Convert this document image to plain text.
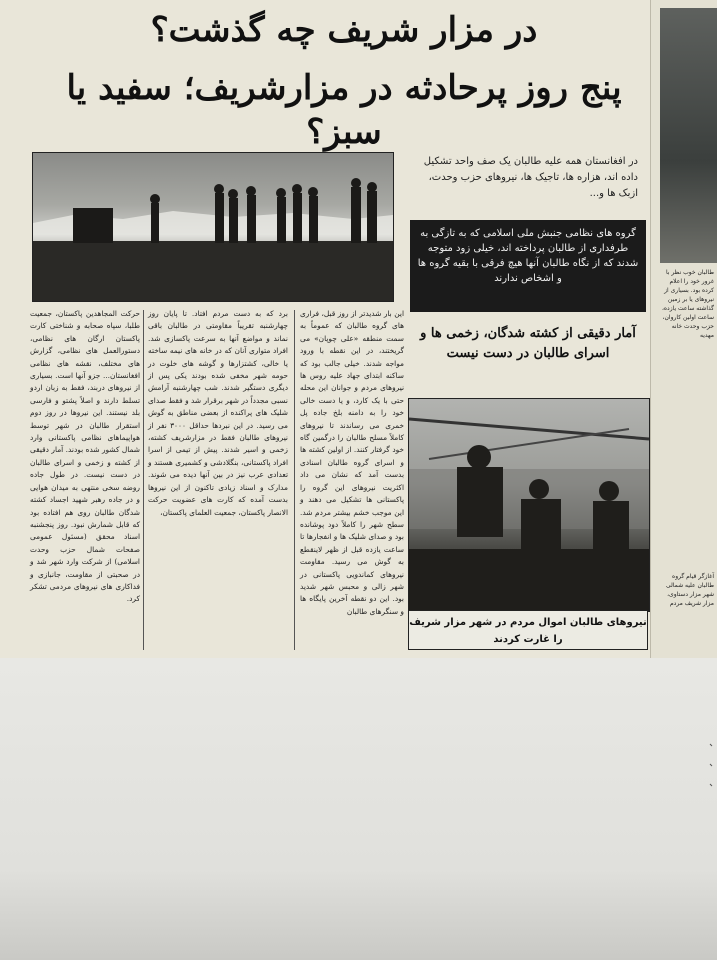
در مزار شریف چه گذشت؟
پنج روز پرحادثه در مزارشریف؛ سفید یا سبز؟
در افغانستان همه علیه طالبان یک صف واحد تشکیل داده اند، هزاره ها، تاجیک ها، نیروهای حزب وحدت، ازبک ها و...
گروه های نظامی جنبش ملی اسلامی که به تازگی به طرفداری از طالبان پرداخته اند، خیلی زود متوجه شدند که از نگاه طالبان آنها هیچ فرقی با بقیه گروه ها و اشخاص ندارند
آمار دقیقی از کشته شدگان، زخمی ها و اسرای طالبان در دست نیست
نیروهای طالبان اموال مردم در شهر مزار شریف را غارت کردند
این بار شدیدتر از روز قبل، فراری های گروه طالبان که عموماً به سمت منطقه «علی چوپان» می گریختند، در این نقطه با ورود مواجه شدند. خیلی جالب بود که ساکنه ابتدای جهاد علیه روس ها نیروهای مردم و جوانان این محله حتی با یک کارد، و یا دست خالی خود را به دامنه بلخ جاده پل خمری می رساندند تا نیروهای کاملاً مسلح طالبان را درگمین گاه خود گرفتار کنند. از اولین کشته ها و اسرای گروه طالبان اسنادی بدست آمد که نشان می داد اکثریت نیروهای این گروه را پاکستانی ها تشکیل می دهند و این موجب خشم بیشتر مردم شد. سطح شهر را کاملاً دود پوشانده بود و صدای شلیک ها و انفجارها تا ساعت یازده قبل از ظهر لاینقطع به گوش می رسید. مقاومت نیروهای کماندویی پاکستانی در شهر زالی و محبس شهر شدید بود. این دو نقطه آخرین پایگاه ها و سنگرهای طالبان
برد که به دست مردم افتاد. تا پایان روز چهارشنبه تقریباً مقاومتی در طالبان باقی نماند و مواضع آنها به سرعت پاکسازی شد. افراد متواری آنان که در خانه های نیمه ساخته یا خالی، کشتزارها و گوشه های خلوت در حومه شهر مخفی شده بودند یکی پس از دیگری دستگیر شدند. شب چهارشنبه آرامش نسبی مجدداً در شهر برقرار شد و فقط صدای شلیک های پراکنده از بعضی مناطق به گوش می رسید. در این نبردها حداقل ۳۰۰۰ نفر از نیروهای طالبان فقط در مزارشریف کشته، زخمی و اسیر شدند. پیش از تیمی از اسرا افراد پاکستانی، بنگلادشی و کشمیری هستند و تعدادی عرب نیز در بین آنها دیده می شوند. مدارک و اسناد زیادی تاکنون از این نیروها بدست آمده که کارت های عضویت حرکت الانصار پاکستان، جمعیت العلمای پاکستان،
حرکت المجاهدین پاکستان، جمعیت طلبا، سپاه صحابه و شناختی کارت پاکستان ارگان های نظامی، دستورالعمل های نظامی، گزارش های مختلف، نقشه های نظامی افغانستان... جزو آنها است. بسیاری از نیروهای دربند، فقط به زبان اردو تسلط دارند و اصلاً پشتو و فارسی بلد نیستند. این نیروها در روز دوم استقرار طالبان در شهر توسط هواپیماهای نظامی پاکستانی وارد شمال کشور شده بودند. آمار دقیقی از کشته و زخمی و اسرای طالبان در دست نیست. در طول جاده روضه سخی منتهی به میدان هوایی و در جاده رهبر شهید اجساد کشته شدگان طالبان روی هم افتاده بود که قابل شمارش نبود. روز پنجشنبه اسناد محقق (مسئول عمومی صفحات شمال حزب وحدت اسلامی) از شرکت وارد شهر شد و در صحبتی از مقاومت، جانبازی و فداکاری های نیروهای مردمی تشکر کرد.
طالبان خوب نظر با غرور خود را اعلام کرده بود. بسیاری از نیروهای یا بر زمین گذاشته ساعت یازده، ساعت اولین کاروان، حزب وحدت خانه مهدیه
آغازگر قیام گروه طالبان علیه شمالی شهر مزار دستاوی، مزار شریف مردم
